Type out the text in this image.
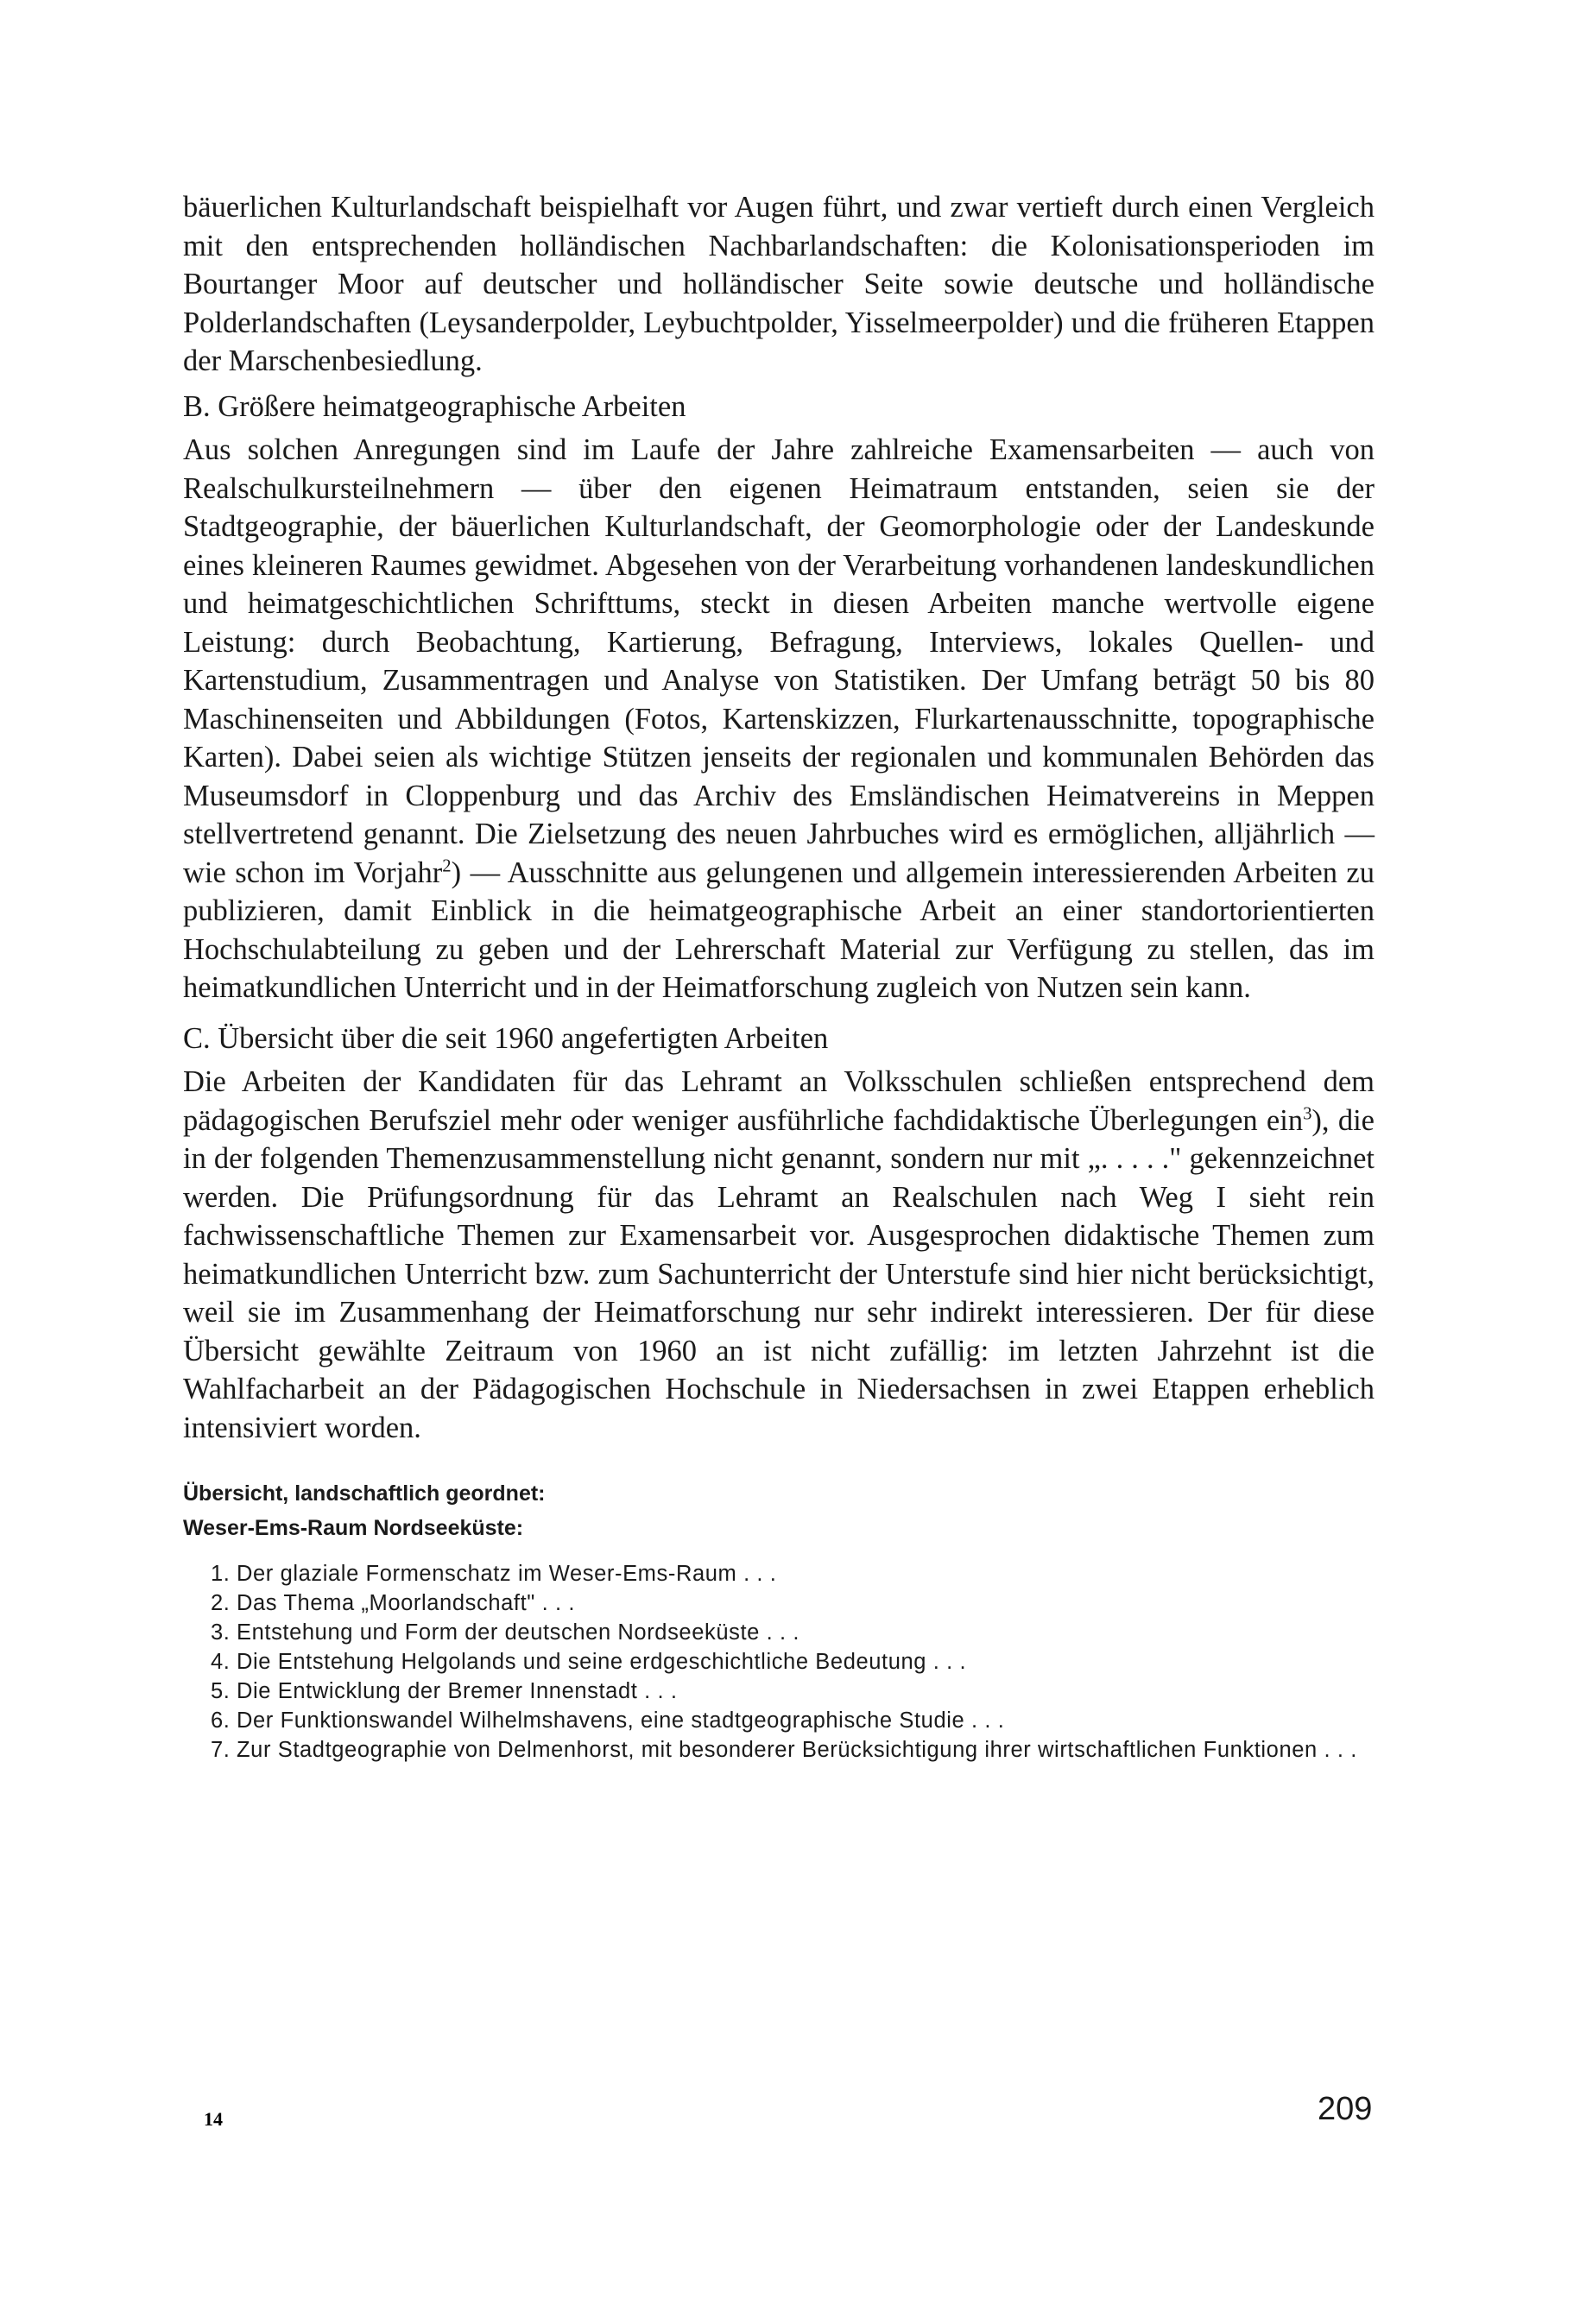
bäuerlichen Kulturlandschaft beispielhaft vor Augen führt, und zwar vertieft durch einen Vergleich mit den entsprechenden holländischen Nachbarlandschaften: die Kolonisationsperioden im Bourtanger Moor auf deutscher und holländischer Seite sowie deutsche und holländische Polderlandschaften (Leysanderpolder, Leybuchtpolder, Yisselmeerpolder) und die früheren Etappen der Marschenbesiedlung.

B. Größere heimatgeographische Arbeiten

Aus solchen Anregungen sind im Laufe der Jahre zahlreiche Examensarbeiten — auch von Realschulkursteilnehmern — über den eigenen Heimatraum entstanden, seien sie der Stadtgeographie, der bäuerlichen Kulturlandschaft, der Geomorphologie oder der Landeskunde eines kleineren Raumes gewidmet. Abgesehen von der Verarbeitung vorhandenen landeskundlichen und heimatgeschichtlichen Schrifttums, steckt in diesen Arbeiten manche wertvolle eigene Leistung: durch Beobachtung, Kartierung, Befragung, Interviews, lokales Quellen- und Kartenstudium, Zusammentragen und Analyse von Statistiken. Der Umfang beträgt 50 bis 80 Maschinenseiten und Abbildungen (Fotos, Kartenskizzen, Flurkartenausschnitte, topographische Karten). Dabei seien als wichtige Stützen jenseits der regionalen und kommunalen Behörden das Museumsdorf in Cloppenburg und das Archiv des Emsländischen Heimatvereins in Meppen stellvertretend genannt. Die Zielsetzung des neuen Jahrbuches wird es ermöglichen, alljährlich — wie schon im Vorjahr$^2$) — Ausschnitte aus gelungenen und allgemein interessierenden Arbeiten zu publizieren, damit Einblick in die heimatgeographische Arbeit an einer standortorientierten Hochschulabteilung zu geben und der Lehrerschaft Material zur Verfügung zu stellen, das im heimatkundlichen Unterricht und in der Heimatforschung zugleich von Nutzen sein kann.

C. Übersicht über die seit 1960 angefertigten Arbeiten

Die Arbeiten der Kandidaten für das Lehramt an Volksschulen schließen entsprechend dem pädagogischen Berufsziel mehr oder weniger ausführliche fachdidaktische Überlegungen ein$^3$), die in der folgenden Themenzusammenstellung nicht genannt, sondern nur mit „. . . . ." gekennzeichnet werden. Die Prüfungsordnung für das Lehramt an Realschulen nach Weg I sieht rein fachwissenschaftliche Themen zur Examensarbeit vor. Ausgesprochen didaktische Themen zum heimatkundlichen Unterricht bzw. zum Sachunterricht der Unterstufe sind hier nicht berücksichtigt, weil sie im Zusammenhang der Heimatforschung nur sehr indirekt interessieren. Der für diese Übersicht gewählte Zeitraum von 1960 an ist nicht zufällig: im letzten Jahrzehnt ist die Wahlfacharbeit an der Pädagogischen Hochschule in Niedersachsen in zwei Etappen erheblich intensiviert worden.

Übersicht, landschaftlich geordnet:
Weser-Ems-Raum Nordseeküste:
1. Der glaziale Formenschatz im Weser-Ems-Raum . . .
2. Das Thema „Moorlandschaft" . . .
3. Entstehung und Form der deutschen Nordseeküste . . .
4. Die Entstehung Helgolands und seine erdgeschichtliche Bedeutung . . .
5. Die Entwicklung der Bremer Innenstadt . . .
6. Der Funktionswandel Wilhelmshavens, eine stadtgeographische Studie . . .
7. Zur Stadtgeographie von Delmenhorst, mit besonderer Berücksichtigung ihrer wirtschaftlichen Funktionen . . .
14	209
